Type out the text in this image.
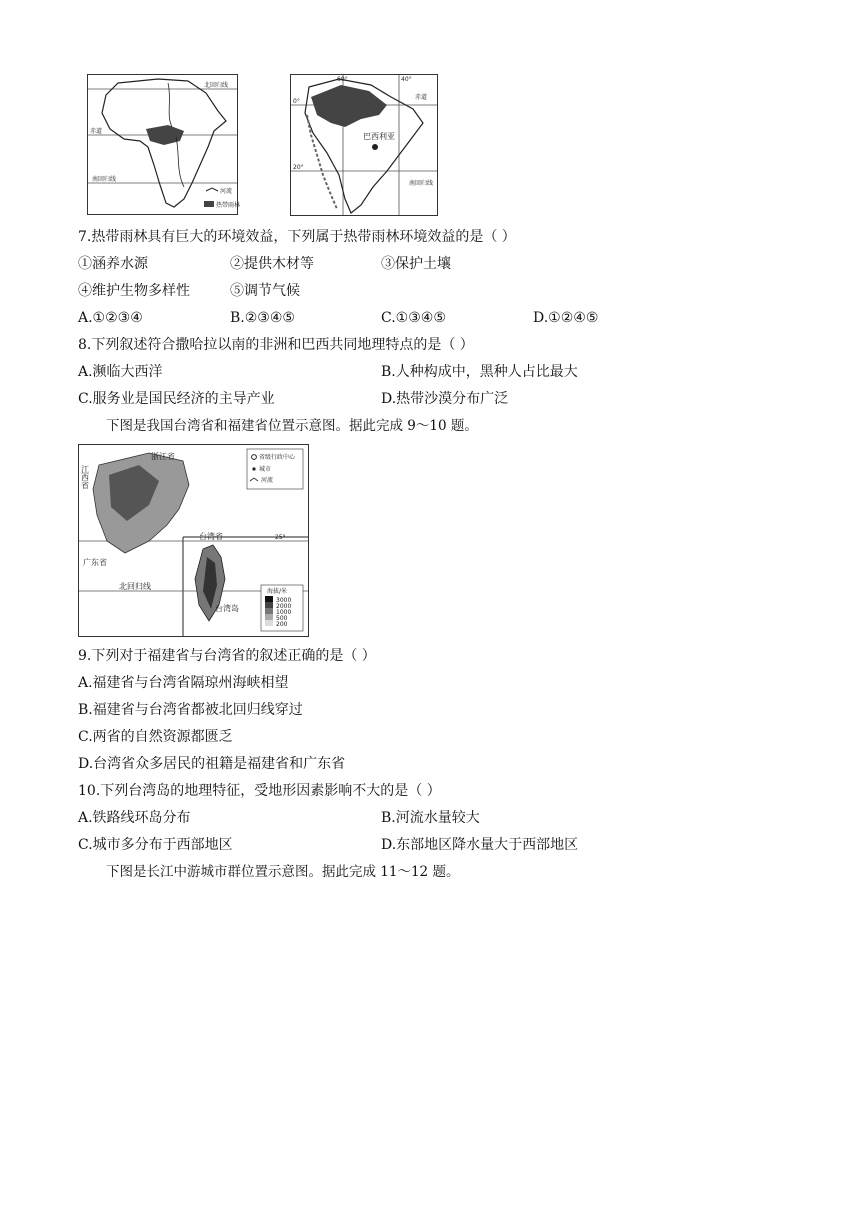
北回归线
赤道
南回归线
河流
热带雨林
60°	40°
0°
赤道
20°
南回归线
巴西利亚
7.热带雨林具有巨大的环境效益，下列属于热带雨林环境效益的是（ ）
①涵养水源	②提供木材等	③保护土壤
④维护生物多样性	⑤调节气候
A.①②③④	B.②③④⑤	C.①③④⑤	D.①②④⑤
8.下列叙述符合撒哈拉以南的非洲和巴西共同地理特点的是（ ）
A.濒临大西洋	B.人种构成中，黑种人占比最大
C.服务业是国民经济的主导产业	D.热带沙漠分布广泛
下图是我国台湾省和福建省位置示意图。据此完成 9～10 题。
25°
北回归线
江西省
浙江省
广东省
台湾省
台湾岛
省级行政中心
城市
河流
海拔/米
3000
2000
1000
500
200
9.下列对于福建省与台湾省的叙述正确的是（ ）
A.福建省与台湾省隔琼州海峡相望
B.福建省与台湾省都被北回归线穿过
C.两省的自然资源都匮乏
D.台湾省众多居民的祖籍是福建省和广东省
10.下列台湾岛的地理特征，受地形因素影响不大的是（ ）
A.铁路线环岛分布	B.河流水量较大
C.城市多分布于西部地区	D.东部地区降水量大于西部地区
下图是长江中游城市群位置示意图。据此完成 11～12 题。
